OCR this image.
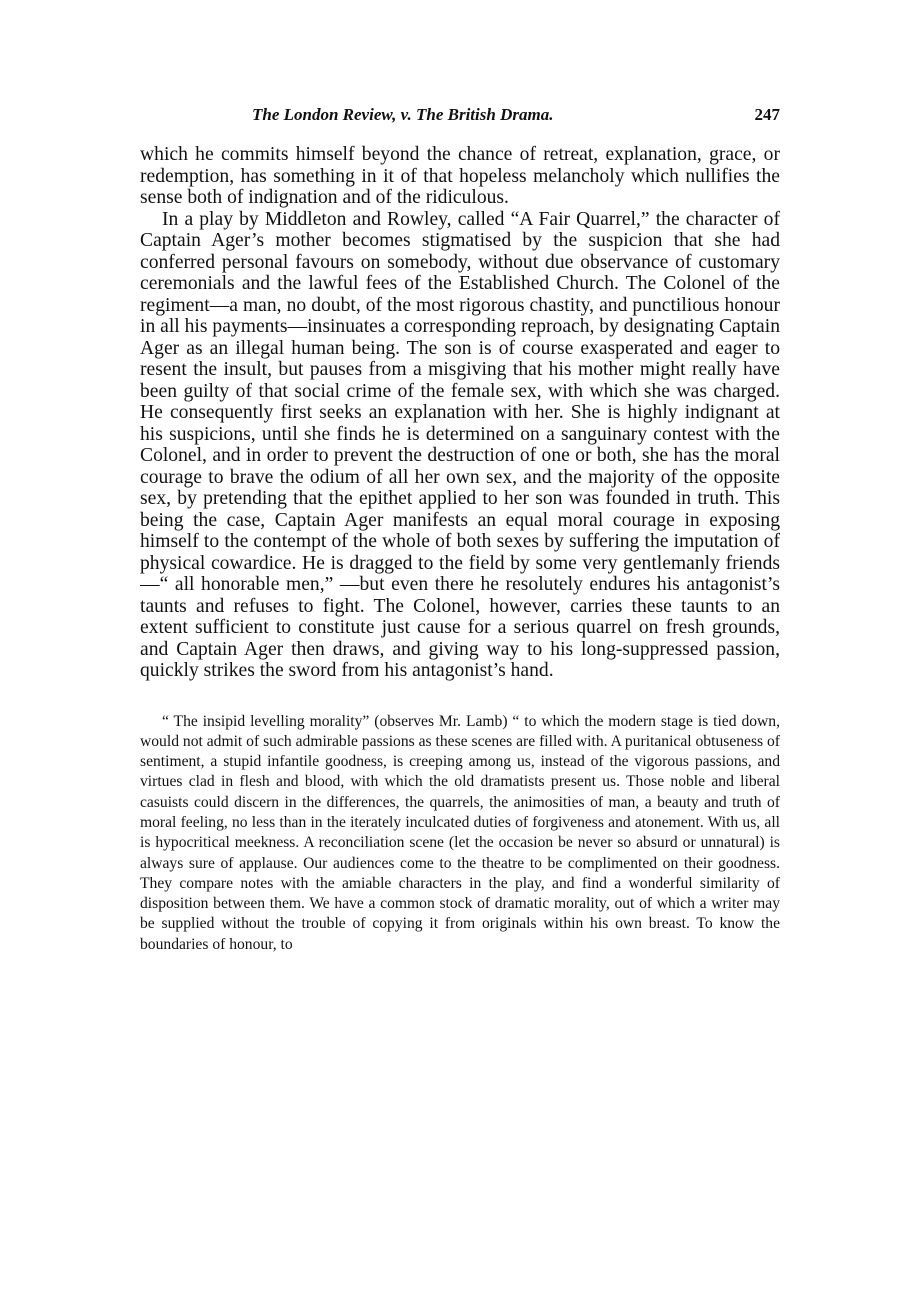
The London Review, v. The British Drama.	247

which he commits himself beyond the chance of retreat, explanation, grace, or redemption, has something in it of that hopeless melancholy which nullifies the sense both of indignation and of the ridiculous.

In a play by Middleton and Rowley, called “A Fair Quarrel,” the character of Captain Ager’s mother becomes stigmatised by the suspicion that she had conferred personal favours on somebody, without due observance of customary ceremonials and the lawful fees of the Established Church. The Colonel of the regiment—a man, no doubt, of the most rigorous chastity, and punctilious honour in all his payments—insinuates a corresponding reproach, by designating Captain Ager as an illegal human being. The son is of course exasperated and eager to resent the insult, but pauses from a misgiving that his mother might really have been guilty of that social crime of the female sex, with which she was charged. He consequently first seeks an explanation with her. She is highly indignant at his suspicions, until she finds he is determined on a sanguinary contest with the Colonel, and in order to prevent the destruction of one or both, she has the moral courage to brave the odium of all her own sex, and the majority of the opposite sex, by pretending that the epithet applied to her son was founded in truth. This being the case, Captain Ager manifests an equal moral courage in exposing himself to the contempt of the whole of both sexes by suffering the imputation of physical cowardice. He is dragged to the field by some very gentlemanly friends—“ all honorable men,” —but even there he resolutely endures his antagonist’s taunts and refuses to fight. The Colonel, however, carries these taunts to an extent sufficient to constitute just cause for a serious quarrel on fresh grounds, and Captain Ager then draws, and giving way to his long-suppressed passion, quickly strikes the sword from his antagonist’s hand.

“ The insipid levelling morality” (observes Mr. Lamb) “ to which the modern stage is tied down, would not admit of such admirable passions as these scenes are filled with. A puritanical obtuseness of sentiment, a stupid infantile goodness, is creeping among us, instead of the vigorous passions, and virtues clad in flesh and blood, with which the old dramatists present us. Those noble and liberal casuists could discern in the differences, the quarrels, the animosities of man, a beauty and truth of moral feeling, no less than in the iterately inculcated duties of forgiveness and atonement. With us, all is hypocritical meekness. A reconciliation scene (let the occasion be never so absurd or unnatural) is always sure of applause. Our audiences come to the theatre to be complimented on their goodness. They compare notes with the amiable characters in the play, and find a wonderful similarity of disposition between them. We have a common stock of dramatic morality, out of which a writer may be supplied without the trouble of copying it from originals within his own breast. To know the boundaries of honour, to
